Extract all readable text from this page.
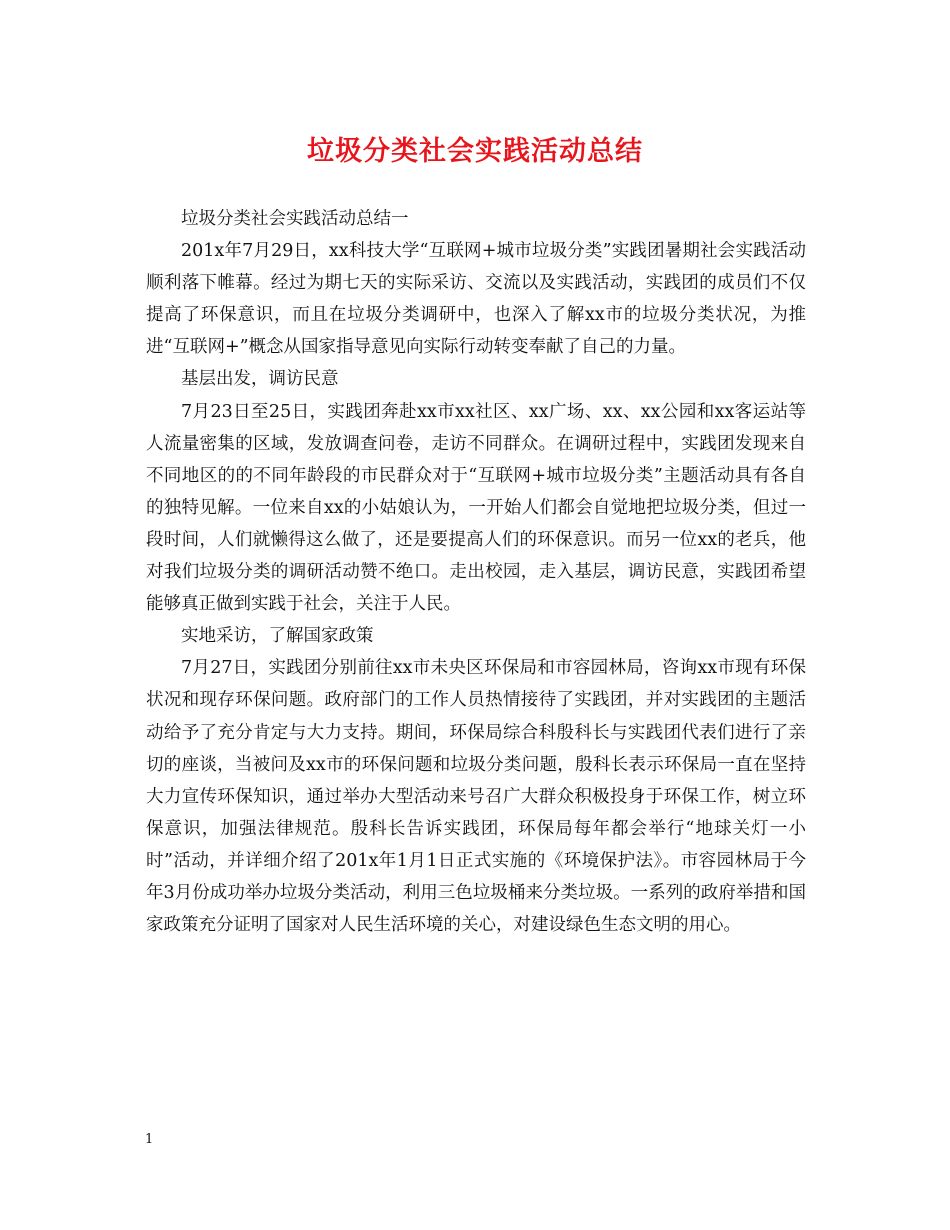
垃圾分类社会实践活动总结

垃圾分类社会实践活动总结一

201x年7月29日，xx科技大学“互联网+城市垃圾分类”实践团暑期社会实践活动顺利落下帷幕。经过为期七天的实际采访、交流以及实践活动，实践团的成员们不仅提高了环保意识，而且在垃圾分类调研中，也深入了解xx市的垃圾分类状况，为推进“互联网+”概念从国家指导意见向实际行动转变奉献了自己的力量。

基层出发，调访民意

7月23日至25日，实践团奔赴xx市xx社区、xx广场、xx、xx公园和xx客运站等人流量密集的区域，发放调查问卷，走访不同群众。在调研过程中，实践团发现来自不同地区的的不同年龄段的市民群众对于“互联网+城市垃圾分类”主题活动具有各自的独特见解。一位来自xx的小姑娘认为，一开始人们都会自觉地把垃圾分类，但过一段时间，人们就懒得这么做了，还是要提高人们的环保意识。而另一位xx的老兵，他对我们垃圾分类的调研活动赞不绝口。走出校园，走入基层，调访民意，实践团希望能够真正做到实践于社会，关注于人民。

实地采访，了解国家政策

7月27日，实践团分别前往xx市未央区环保局和市容园林局，咨询xx市现有环保状况和现存环保问题。政府部门的工作人员热情接待了实践团，并对实践团的主题活动给予了充分肯定与大力支持。期间，环保局综合科殷科长与实践团代表们进行了亲切的座谈，当被问及xx市的环保问题和垃圾分类问题，殷科长表示环保局一直在坚持大力宣传环保知识，通过举办大型活动来号召广大群众积极投身于环保工作，树立环保意识，加强法律规范。殷科长告诉实践团，环保局每年都会举行“地球关灯一小时”活动，并详细介绍了201x年1月1日正式实施的《环境保护法》。市容园林局于今年3月份成功举办垃圾分类活动，利用三色垃圾桶来分类垃圾。一系列的政府举措和国家政策充分证明了国家对人民生活环境的关心，对建设绿色生态文明的用心。

1
